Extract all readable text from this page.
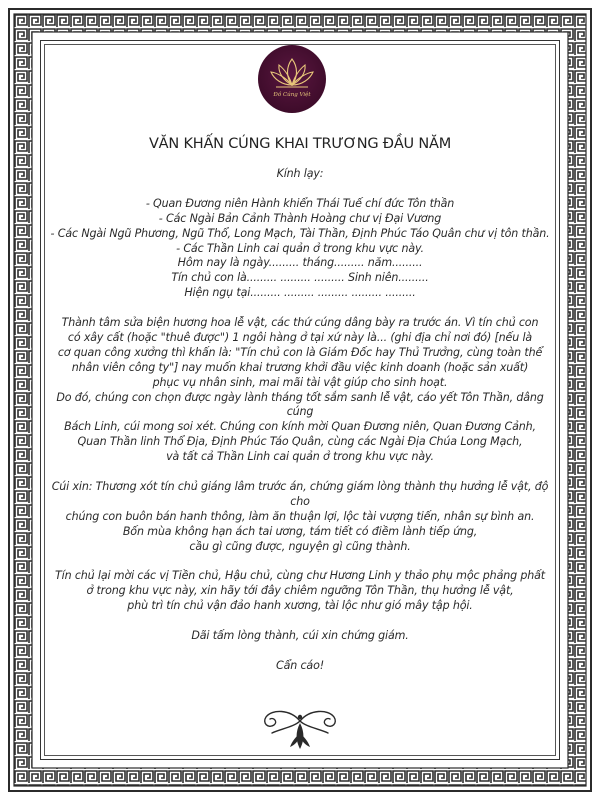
Đồ Cúng Việt
VĂN KHẤN CÚNG KHAI TRƯƠNG ĐẦU NĂM

Kính lạy:

- Quan Đương niên Hành khiển Thái Tuế chí đức Tôn thần

- Các Ngài Bản Cảnh Thành Hoàng chư vị Đại Vương

- Các Ngài Ngũ Phương, Ngũ Thổ, Long Mạch, Tài Thần, Định Phúc Táo Quân chư vị tôn thần.

- Các Thần Linh cai quản ở trong khu vực này.

Hôm nay là ngày......... tháng......... năm.........

Tín chủ con là......... ......... ......... Sinh niên.........

Hiện ngụ tại......... ......... ......... ......... .........

Thành tâm sửa biện hương hoa lễ vật, các thứ cúng dâng bày ra trước án. Vì tín chủ con

có xây cất (hoặc "thuê được") 1 ngôi hàng ở tại xứ này là... (ghi địa chỉ nơi đó) [nếu là

cơ quan công xưởng thì khấn là: "Tín chủ con là Giám Đốc hay Thủ Trưởng, cùng toàn thể

nhân viên công ty"] nay muốn khai trương khởi đầu việc kinh doanh (hoặc sản xuất)

phục vụ nhân sinh, mai mãi tài vật giúp cho sinh hoạt.

Do đó, chúng con chọn được ngày lành tháng tốt sắm sanh lễ vật, cáo yết Tôn Thần, dâng cúng

Bách Linh, cúi mong soi xét. Chúng con kính mời Quan Đương niên, Quan Đương Cảnh,

Quan Thần linh Thổ Địa, Định Phúc Táo Quân, cùng các Ngài Địa Chúa Long Mạch,

và tất cả Thần Linh cai quản ở trong khu vực này.

Cúi xin: Thương xót tín chủ giáng lâm trước án, chứng giám lòng thành thụ hưởng lễ vật, độ cho

chúng con buôn bán hanh thông, làm ăn thuận lợi, lộc tài vượng tiến, nhân sự bình an.

Bốn mùa không hạn ách tai ương, tám tiết có điềm lành tiếp ứng,

cầu gì cũng được, nguyện gì cũng thành.

Tín chủ lại mời các vị Tiền chủ, Hậu chủ, cùng chư Hương Linh y thảo phụ mộc phảng phất

ở trong khu vực này, xin hãy tới đây chiêm ngưỡng Tôn Thần, thụ hưởng lễ vật,

phù trì tín chủ vận đảo hanh xương, tài lộc như gió mây tập hội.

Dãi tấm lòng thành, cúi xin chứng giám.

Cẩn cáo!
